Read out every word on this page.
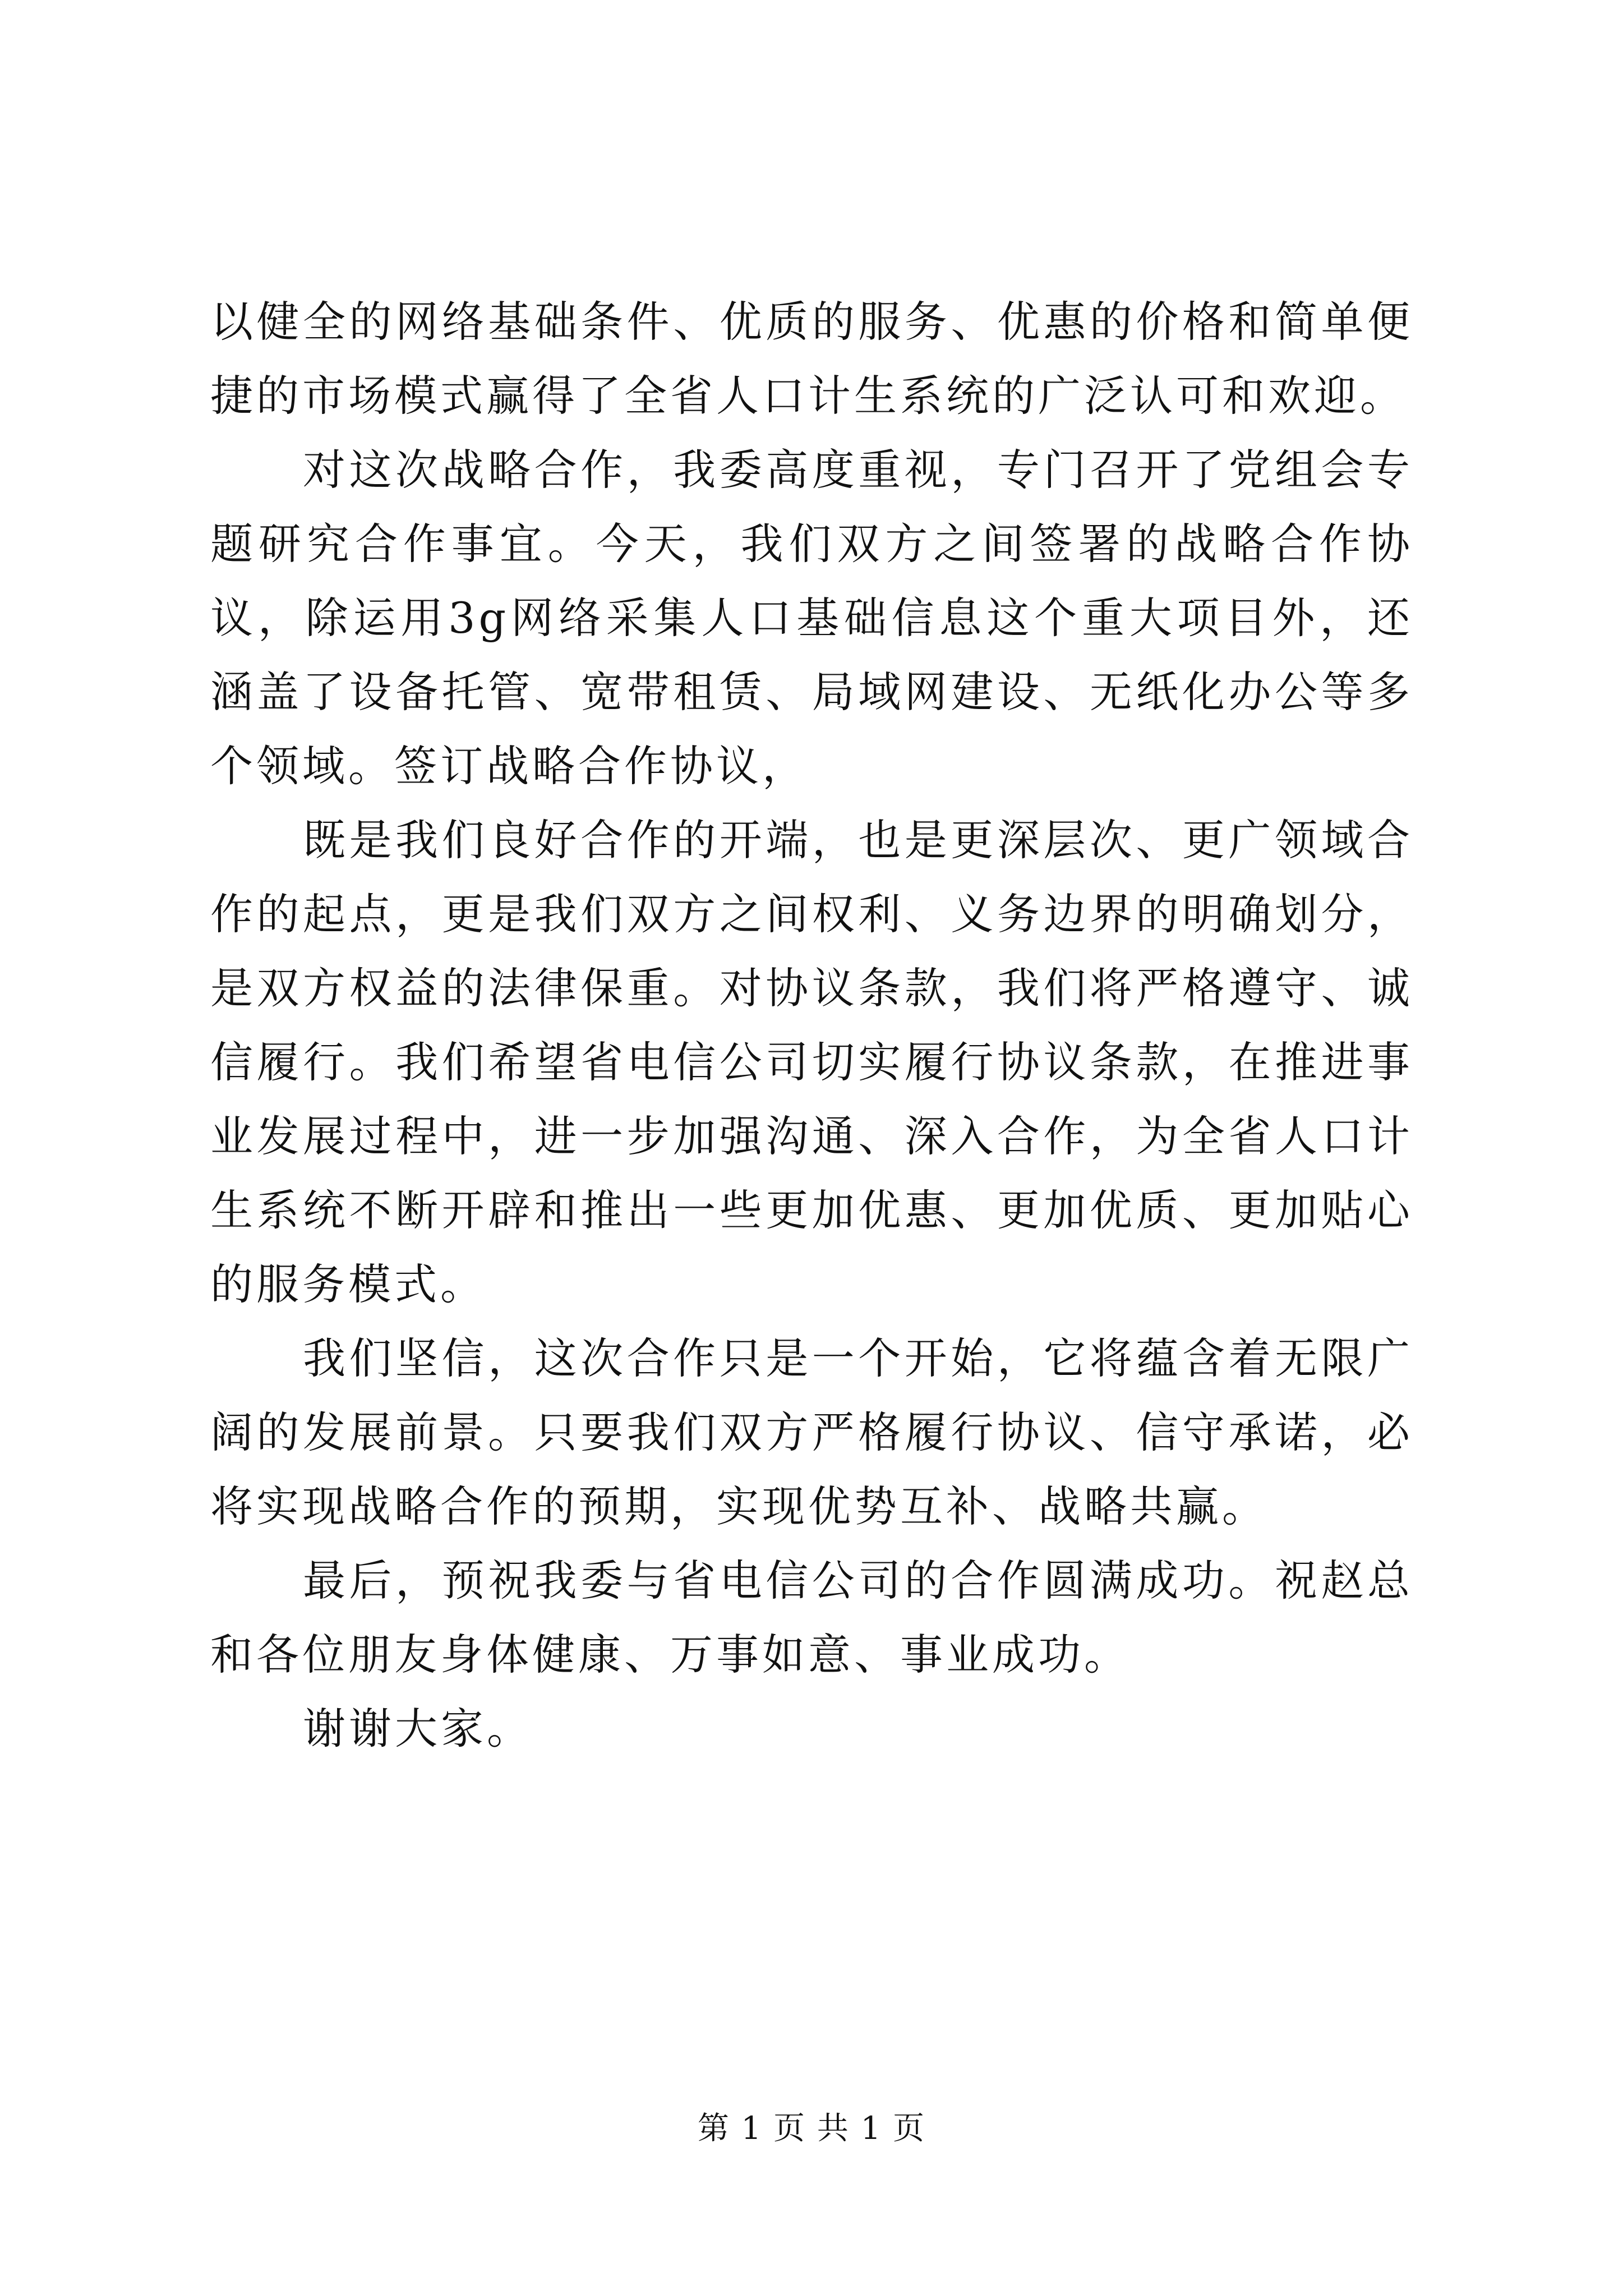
以健全的网络基础条件、优质的服务、优惠的价格和简单便捷的市场模式赢得了全省人口计生系统的广泛认可和欢迎。

对这次战略合作，我委高度重视，专门召开了党组会专题研究合作事宜。今天，我们双方之间签署的战略合作协议，除运用3g网络采集人口基础信息这个重大项目外，还涵盖了设备托管、宽带租赁、局域网建设、无纸化办公等多个领域。签订战略合作协议，

既是我们良好合作的开端，也是更深层次、更广领域合作的起点，更是我们双方之间权利、义务边界的明确划分，是双方权益的法律保重。对协议条款，我们将严格遵守、诚信履行。我们希望省电信公司切实履行协议条款，在推进事业发展过程中，进一步加强沟通、深入合作，为全省人口计生系统不断开辟和推出一些更加优惠、更加优质、更加贴心的服务模式。

我们坚信，这次合作只是一个开始，它将蕴含着无限广阔的发展前景。只要我们双方严格履行协议、信守承诺，必将实现战略合作的预期，实现优势互补、战略共赢。

最后，预祝我委与省电信公司的合作圆满成功。祝赵总和各位朋友身体健康、万事如意、事业成功。

谢谢大家。

第 1 页 共 1 页
